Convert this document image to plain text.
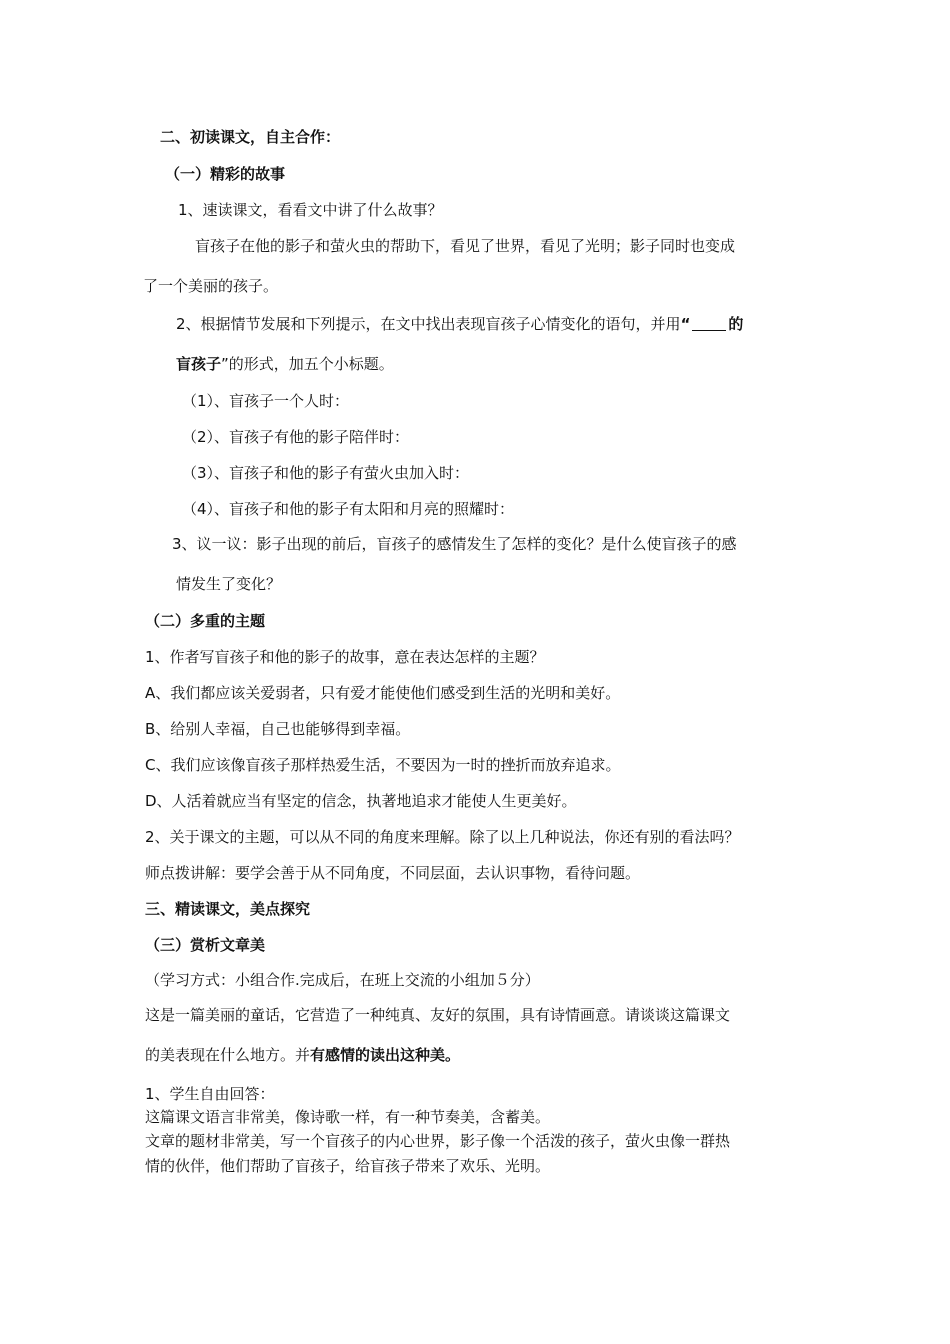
二、初读课文，自主合作：
（一）精彩的故事
1、速读课文，看看文中讲了什么故事？
盲孩子在他的影子和萤火虫的帮助下，看见了世界，看见了光明；影子同时也变成
了一个美丽的孩子。
2、根据情节发展和下列提示，在文中找出表现盲孩子心情变化的语句，并用“	的
盲孩子”的形式，加五个小标题。
（1）、盲孩子一个人时：
（2）、盲孩子有他的影子陪伴时：
（3）、盲孩子和他的影子有萤火虫加入时：
（4）、盲孩子和他的影子有太阳和月亮的照耀时：
3、议一议：影子出现的前后，盲孩子的感情发生了怎样的变化？是什么使盲孩子的感
情发生了变化？
（二）多重的主题
1、作者写盲孩子和他的影子的故事，意在表达怎样的主题？
A、我们都应该关爱弱者，只有爱才能使他们感受到生活的光明和美好。
B、给别人幸福，自己也能够得到幸福。
C、我们应该像盲孩子那样热爱生活，不要因为一时的挫折而放弃追求。
D、人活着就应当有坚定的信念，执著地追求才能使人生更美好。
2、关于课文的主题，可以从不同的角度来理解。除了以上几种说法，你还有别的看法吗？
师点拨讲解：要学会善于从不同角度，不同层面，去认识事物，看待问题。
三、精读课文，美点探究
（三）赏析文章美
（学习方式：小组合作.完成后，在班上交流的小组加５分）
这是一篇美丽的童话，它营造了一种纯真、友好的氛围，具有诗情画意。请谈谈这篇课文
的美表现在什么地方。并有感情的读出这种美。
1、学生自由回答：
这篇课文语言非常美，像诗歌一样，有一种节奏美，含蓄美。
文章的题材非常美，写一个盲孩子的内心世界，影子像一个活泼的孩子，萤火虫像一群热
情的伙伴，他们帮助了盲孩子，给盲孩子带来了欢乐、光明。
